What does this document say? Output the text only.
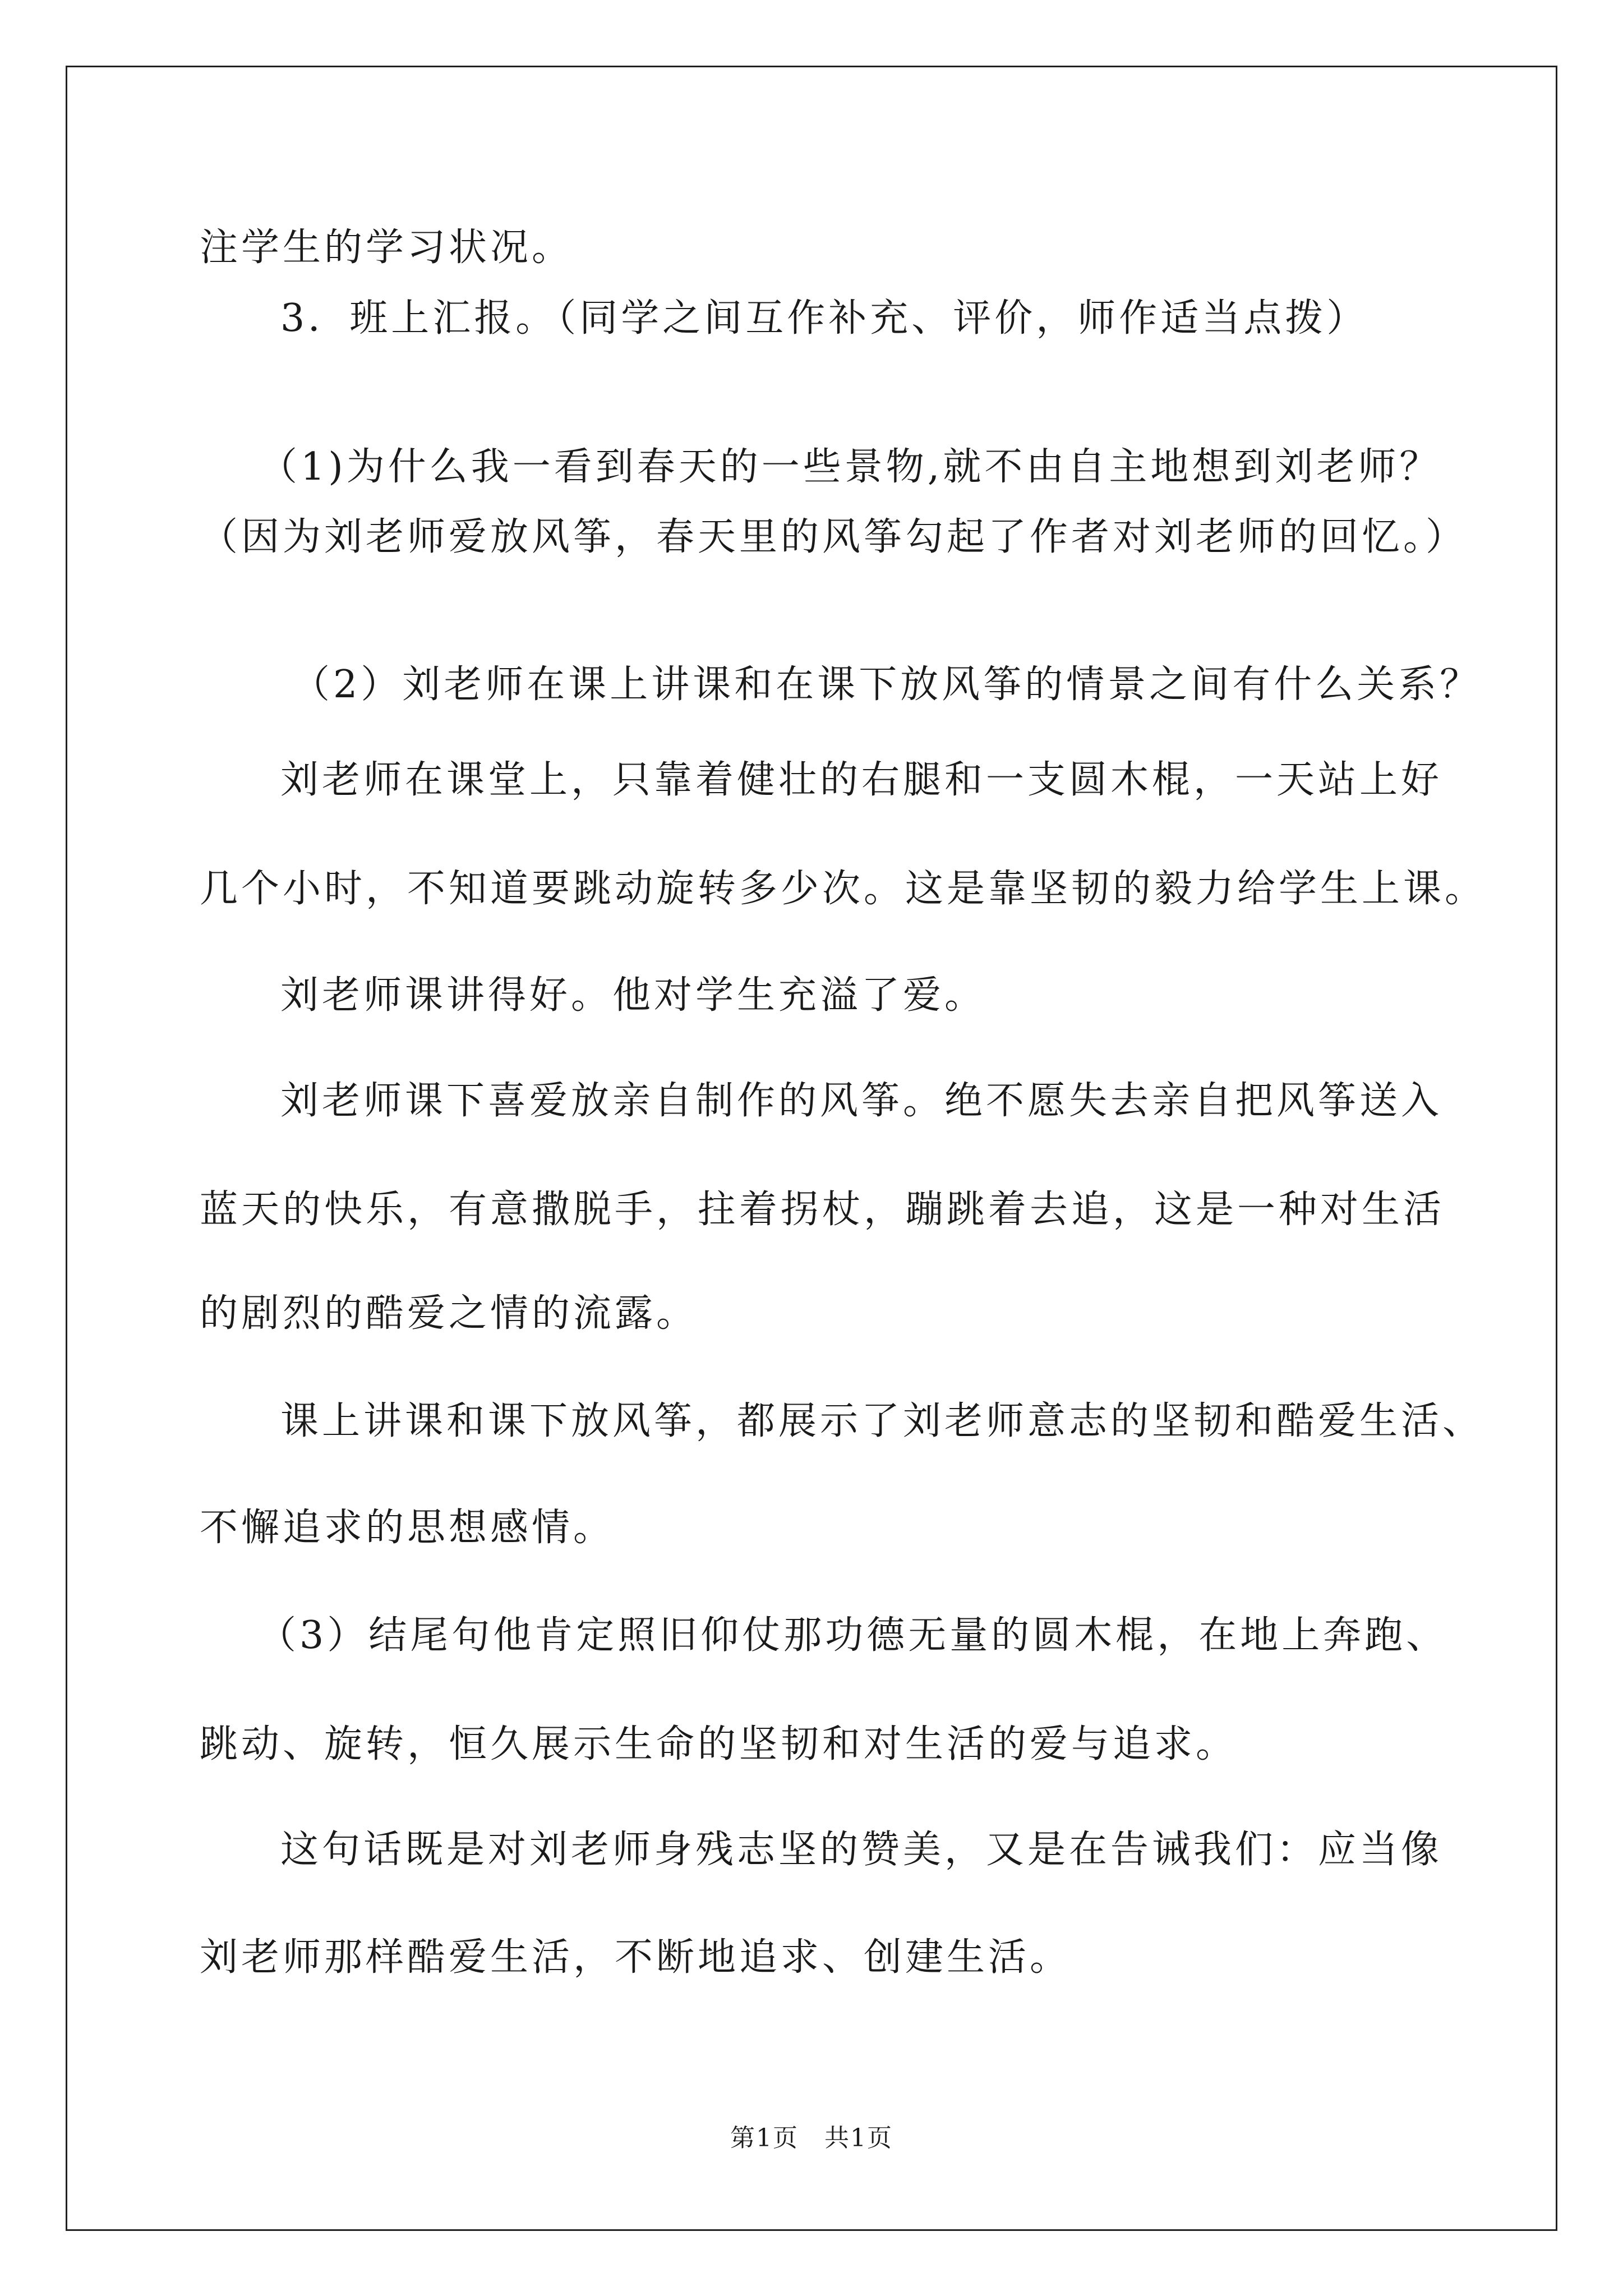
注学生的学习状况。

3．班上汇报。（同学之间互作补充、评价，师作适当点拨）

（1)为什么我一看到春天的一些景物,就不由自主地想到刘老师？

（因为刘老师爱放风筝，春天里的风筝勾起了作者对刘老师的回忆。）

（2）刘老师在课上讲课和在课下放风筝的情景之间有什么关系？

刘老师在课堂上，只靠着健壮的右腿和一支圆木棍，一天站上好

几个小时，不知道要跳动旋转多少次。这是靠坚韧的毅力给学生上课。

刘老师课讲得好。他对学生充溢了爱。

刘老师课下喜爱放亲自制作的风筝。绝不愿失去亲自把风筝送入

蓝天的快乐，有意撒脱手，拄着拐杖，蹦跳着去追，这是一种对生活

的剧烈的酷爱之情的流露。

课上讲课和课下放风筝，都展示了刘老师意志的坚韧和酷爱生活、

不懈追求的思想感情。

（3）结尾句他肯定照旧仰仗那功德无量的圆木棍，在地上奔跑、

跳动、旋转，恒久展示生命的坚韧和对生活的爱与追求。

这句话既是对刘老师身残志坚的赞美，又是在告诫我们：应当像

刘老师那样酷爱生活，不断地追求、创建生活。

第1页　共1页
